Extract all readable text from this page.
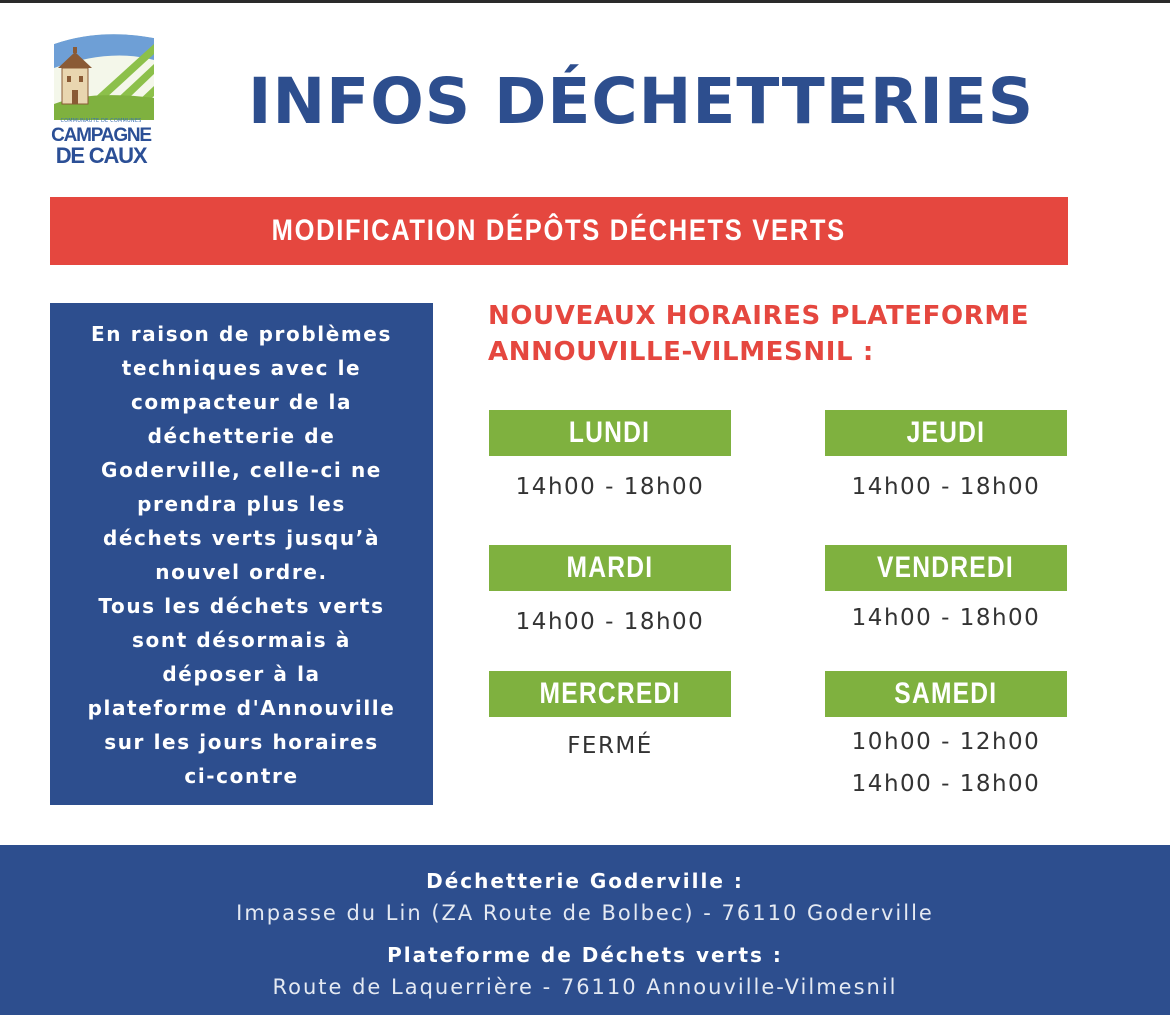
COMMUNAUTÉ DE COMMUNES
CAMPAGNE
DE CAUX
INFOS DÉCHETTERIES
MODIFICATION DÉPÔTS DÉCHETS VERTS
En raison de problèmes
techniques avec le
compacteur de la
déchetterie de
Goderville, celle-ci ne
prendra plus les
déchets verts jusqu’à
nouvel ordre.
Tous les déchets verts
sont désormais à
déposer à la
plateforme d'Annouville
sur les jours horaires
ci-contre
NOUVEAUX HORAIRES PLATEFORME
ANNOUVILLE-VILMESNIL :
LUNDI
14h00 - 18h00
MARDI
14h00 - 18h00
MERCREDI
FERMÉ
JEUDI
14h00 - 18h00
VENDREDI
14h00 - 18h00
SAMEDI
10h00 - 12h00
14h00 - 18h00
Déchetterie Goderville :
Impasse du Lin (ZA Route de Bolbec) - 76110 Goderville
Plateforme de Déchets verts :
Route de Laquerrière - 76110 Annouville-Vilmesnil
